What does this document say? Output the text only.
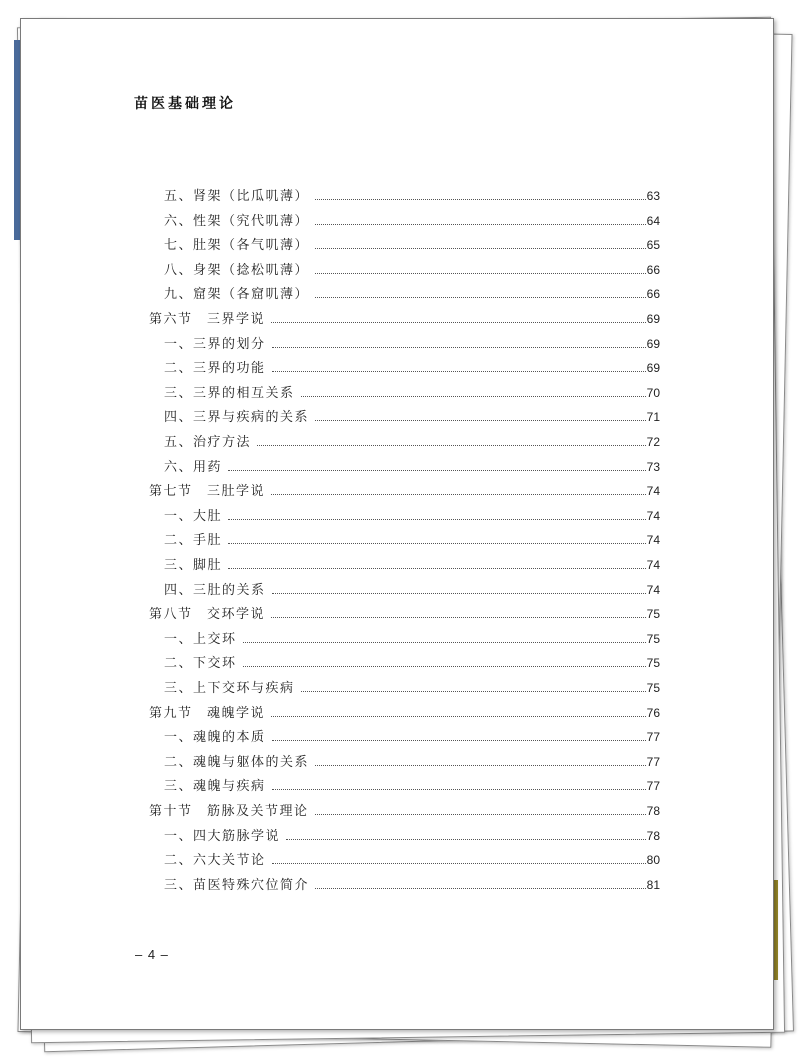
苗医基础理论
五、肾架（比瓜叽薄）	63
六、性架（究代叽薄）	64
七、肚架（各气叽薄）	65
八、身架（捻松叽薄）	66
九、窟架（各窟叽薄）	66
第六节　三界学说	69
一、三界的划分	69
二、三界的功能	69
三、三界的相互关系	70
四、三界与疾病的关系	71
五、治疗方法	72
六、用药	73
第七节　三肚学说	74
一、大肚	74
二、手肚	74
三、脚肚	74
四、三肚的关系	74
第八节　交环学说	75
一、上交环	75
二、下交环	75
三、上下交环与疾病	75
第九节　魂魄学说	76
一、魂魄的本质	77
二、魂魄与躯体的关系	77
三、魂魄与疾病	77
第十节　筋脉及关节理论	78
一、四大筋脉学说	78
二、六大关节论	80
三、苗医特殊穴位简介	81
– 4 –
